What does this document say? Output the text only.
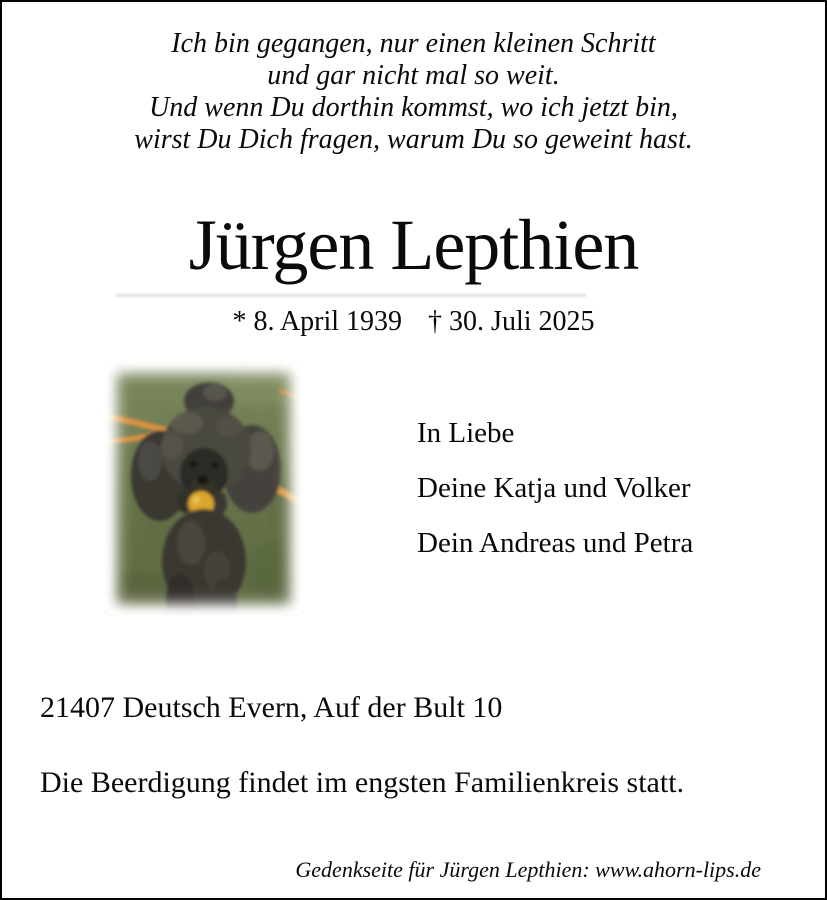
Ich bin gegangen, nur einen kleinen Schritt
und gar nicht mal so weit.
Und wenn Du dorthin kommst, wo ich jetzt bin,
wirst Du Dich fragen, warum Du so geweint hast.
Jürgen Lepthien
* 8. April 1939 † 30. Juli 2025
In Liebe
Deine Katja und Volker
Dein Andreas und Petra
21407 Deutsch Evern, Auf der Bult 10
Die Beerdigung findet im engsten Familienkreis statt.
Gedenkseite für Jürgen Lepthien: www.ahorn-lips.de
